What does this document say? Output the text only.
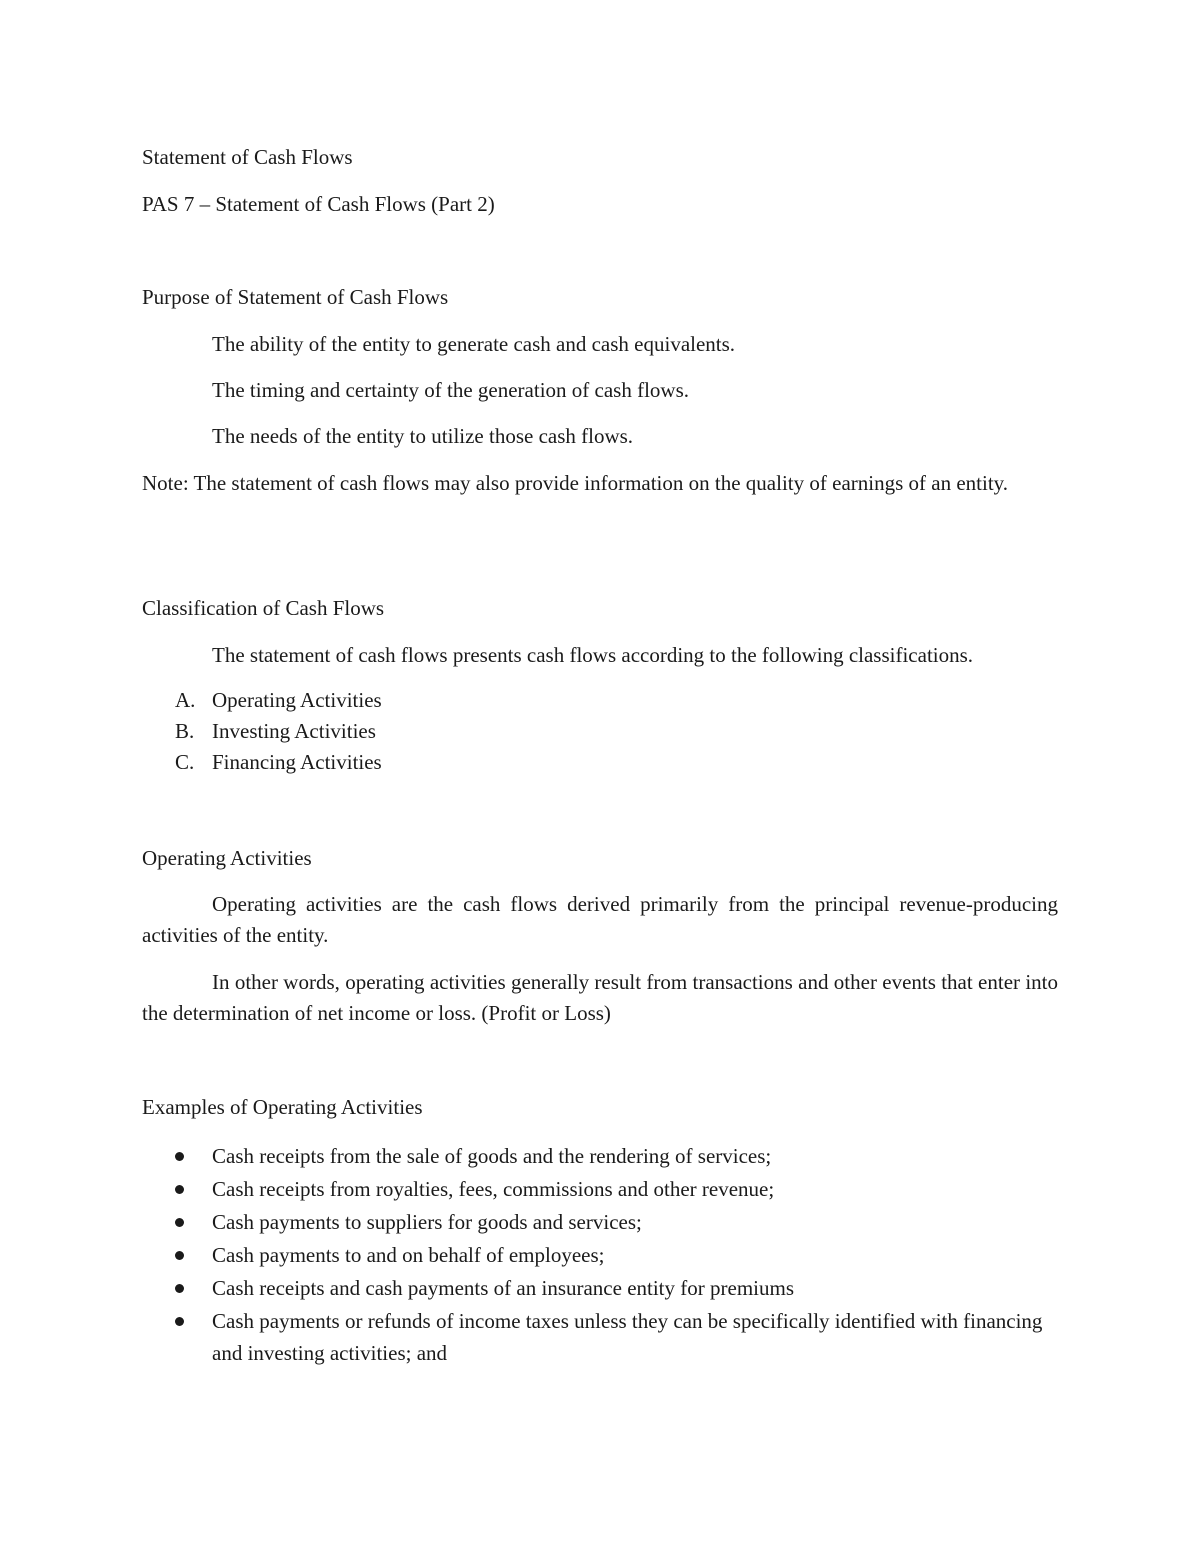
Statement of Cash Flows
PAS 7 – Statement of Cash Flows (Part 2)
Purpose of Statement of Cash Flows
The ability of the entity to generate cash and cash equivalents.
The timing and certainty of the generation of cash flows.
The needs of the entity to utilize those cash flows.
Note: The statement of cash flows may also provide information on the quality of earnings of an entity.
Classification of Cash Flows
The statement of cash flows presents cash flows according to the following classifications.
A. Operating Activities
B. Investing Activities
C. Financing Activities
Operating Activities
Operating activities are the cash flows derived primarily from the principal revenue-producing activities of the entity.
In other words, operating activities generally result from transactions and other events that enter into the determination of net income or loss. (Profit or Loss)
Examples of Operating Activities
Cash receipts from the sale of goods and the rendering of services;
Cash receipts from royalties, fees, commissions and other revenue;
Cash payments to suppliers for goods and services;
Cash payments to and on behalf of employees;
Cash receipts and cash payments of an insurance entity for premiums
Cash payments or refunds of income taxes unless they can be specifically identified with financing and investing activities; and
